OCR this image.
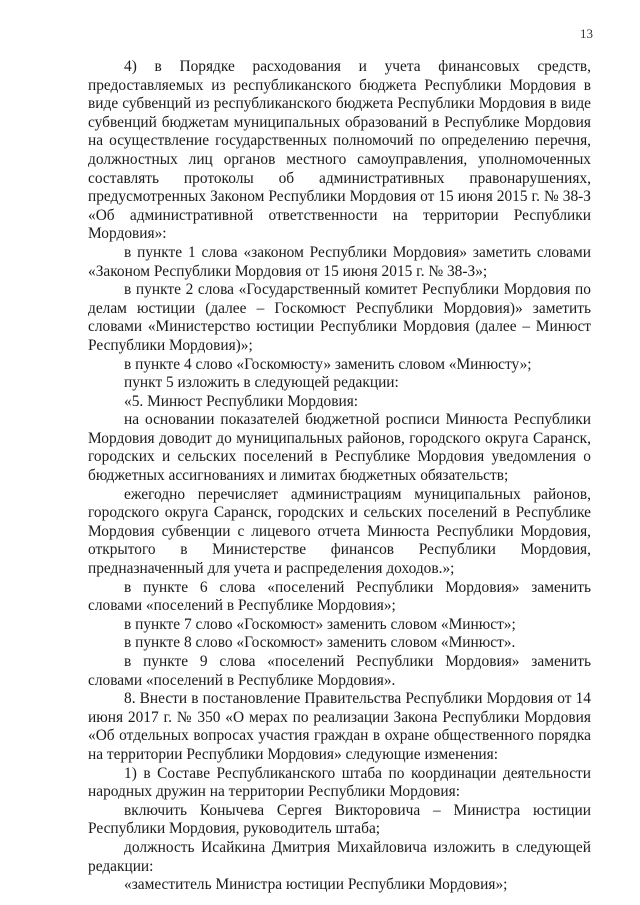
13

4) в Порядке расходования и учета финансовых средств, предоставляемых из республиканского бюджета Республики Мордовия в виде субвенций из республиканского бюджета Республики Мордовия в виде субвенций бюджетам муниципальных образований в Республике Мордовия на осуществление государственных полномочий по определению перечня, должностных лиц органов местного самоуправления, уполномоченных составлять протоколы об административных правонарушениях, предусмотренных Законом Республики Мордовия от 15 июня 2015 г. № 38-З «Об административной ответственности на территории Республики Мордовия»:

в пункте 1 слова «законом Республики Мордовия» заметить словами «Законом Республики Мордовия от 15 июня 2015 г. № 38-З»;

в пункте 2 слова «Государственный комитет Республики Мордовия по делам юстиции (далее – Госкомюст Республики Мордовия)» заметить словами «Министерство юстиции Республики Мордовия (далее – Минюст Республики Мордовия)»;

в пункте 4 слово «Госкомюсту» заменить словом «Минюсту»;

пункт 5 изложить в следующей редакции:

«5. Минюст Республики Мордовия:

на основании показателей бюджетной росписи Минюста Республики Мордовия доводит до муниципальных районов, городского округа Саранск, городских и сельских поселений в Республике Мордовия уведомления о бюджетных ассигнованиях и лимитах бюджетных обязательств;

ежегодно перечисляет администрациям муниципальных районов, городского округа Саранск, городских и сельских поселений в Республике Мордовия субвенции с лицевого отчета Минюста Республики Мордовия, открытого в Министерстве финансов Республики Мордовия, предназначенный для учета и распределения доходов.»;

в пункте 6 слова «поселений Республики Мордовия» заменить словами «поселений в Республике Мордовия»;

в пункте 7 слово «Госкомюст» заменить словом «Минюст»;

в пункте 8 слово «Госкомюст» заменить словом «Минюст».

в пункте 9 слова «поселений Республики Мордовия» заменить словами «поселений в Республике Мордовия».

8. Внести в постановление Правительства Республики Мордовия от 14 июня 2017 г. № 350 «О мерах по реализации Закона Республики Мордовия «Об отдельных вопросах участия граждан в охране общественного порядка на территории Республики Мордовия» следующие изменения:

1) в Составе Республиканского штаба по координации деятельности народных дружин на территории Республики Мордовия:

включить Конычева Сергея Викторовича – Министра юстиции Республики Мордовия, руководитель штаба;

должность Исайкина Дмитрия Михайловича изложить в следующей редакции:

«заместитель Министра юстиции Республики Мордовия»;
